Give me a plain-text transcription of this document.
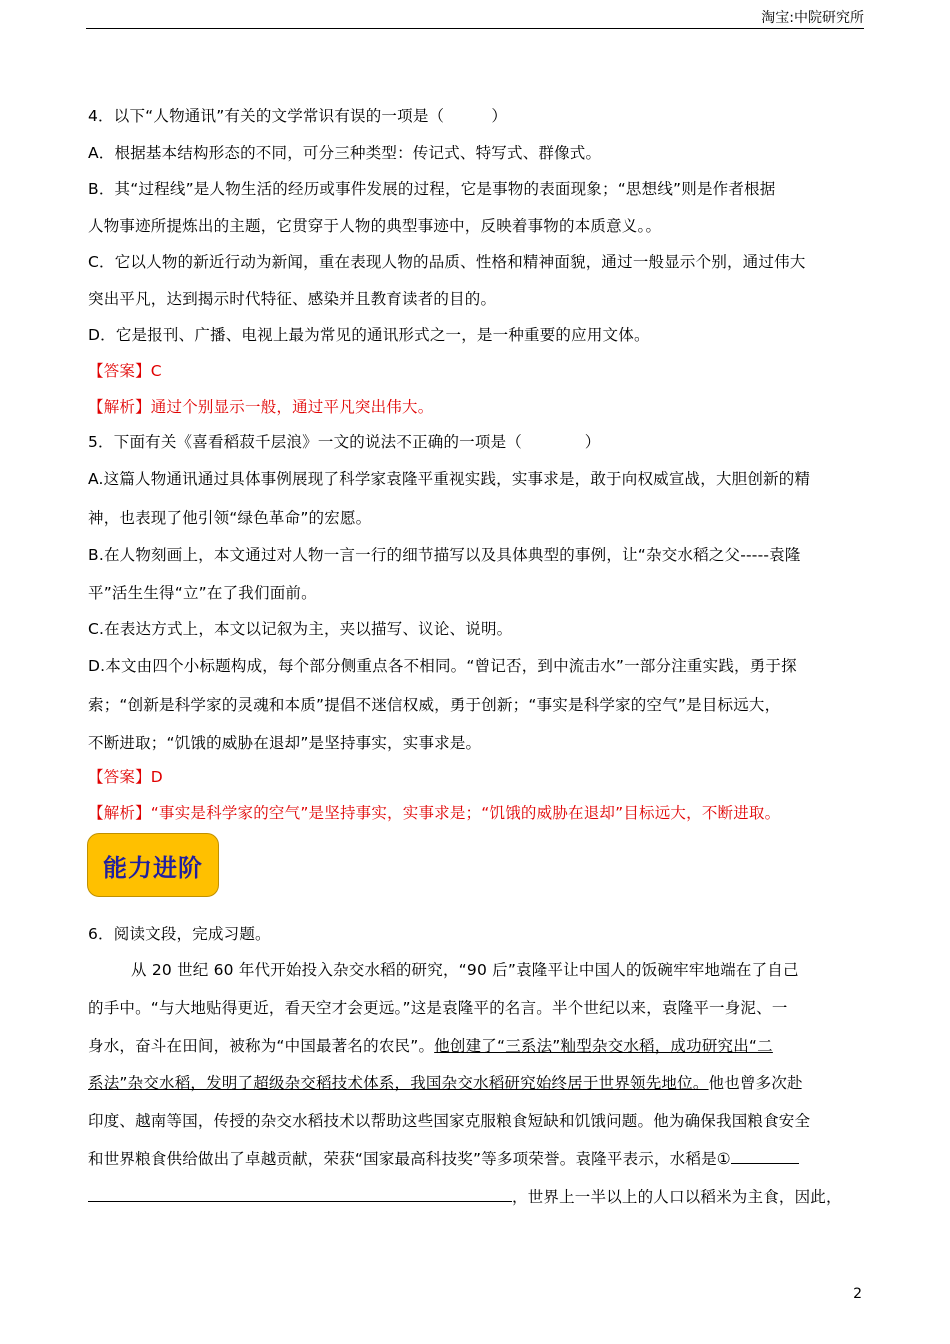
淘宝:中院研究所
4．以下“人物通讯”有关的文学常识有误的一项是（　　　）
A．根据基本结构形态的不同，可分三种类型：传记式、特写式、群像式。
B．其“过程线”是人物生活的经历或事件发展的过程，它是事物的表面现象；“思想线”则是作者根据
人物事迹所提炼出的主题，它贯穿于人物的典型事迹中，反映着事物的本质意义。。
C．它以人物的新近行动为新闻，重在表现人物的品质、性格和精神面貌，通过一般显示个别，通过伟大
突出平凡，达到揭示时代特征、感染并且教育读者的目的。
D．它是报刊、广播、电视上最为常见的通讯形式之一，是一种重要的应用文体。
【答案】C
【解析】通过个别显示一般，通过平凡突出伟大。
5．下面有关《喜看稻菽千层浪》一文的说法不正确的一项是（　　　　）
A.这篇人物通讯通过具体事例展现了科学家袁隆平重视实践，实事求是，敢于向权威宣战，大胆创新的精
神，也表现了他引领“绿色革命”的宏愿。
B.在人物刻画上，本文通过对人物一言一行的细节描写以及具体典型的事例，让“杂交水稻之父-----袁隆
平”活生生得“立”在了我们面前。
C.在表达方式上，本文以记叙为主，夹以描写、议论、说明。
D.本文由四个小标题构成，每个部分侧重点各不相同。“曾记否，到中流击水”一部分注重实践，勇于探
索；“创新是科学家的灵魂和本质”提倡不迷信权威，勇于创新；“事实是科学家的空气”是目标远大，
不断进取；“饥饿的威胁在退却”是坚持事实，实事求是。
【答案】D
【解析】“事实是科学家的空气”是坚持事实，实事求是；“饥饿的威胁在退却”目标远大，不断进取。
能力进阶
6．阅读文段，完成习题。
从 20 世纪 60 年代开始投入杂交水稻的研究，“90 后”袁隆平让中国人的饭碗牢牢地端在了自己
的手中。“与大地贴得更近，看天空才会更远。”这是袁隆平的名言。半个世纪以来，袁隆平一身泥、一
身水，奋斗在田间，被称为“中国最著名的农民”。他创建了“三系法”籼型杂交水稻，成功研究出“二
系法”杂交水稻，发明了超级杂交稻技术体系，我国杂交水稻研究始终居于世界领先地位。他也曾多次赴
印度、越南等国，传授的杂交水稻技术以帮助这些国家克服粮食短缺和饥饿问题。他为确保我国粮食安全
和世界粮食供给做出了卓越贡献，荣获“国家最高科技奖”等多项荣誉。袁隆平表示，水稻是①
，世界上一半以上的人口以稻米为主食，因此，
2
